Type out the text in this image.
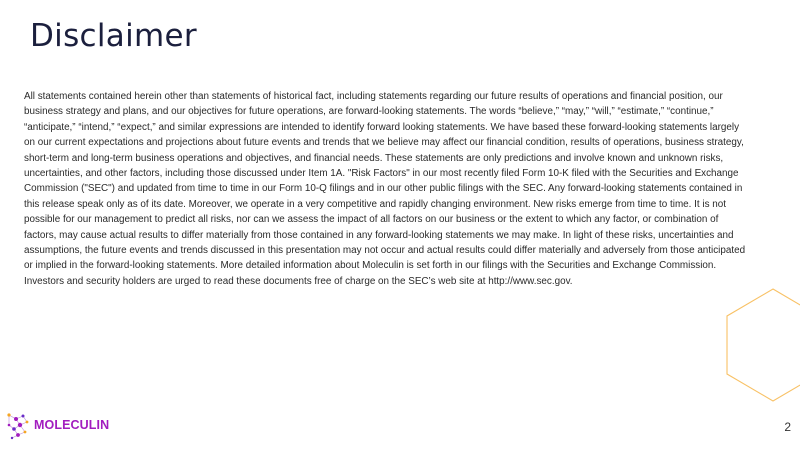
Disclaimer

All statements contained herein other than statements of historical fact, including statements regarding our future results of operations and financial position, our business strategy and plans, and our objectives for future operations, are forward-looking statements. The words “believe,” “may,” “will,” “estimate,” “continue,” “anticipate,” “intend,” “expect,” and similar expressions are intended to identify forward looking statements. We have based these forward-looking statements largely on our current expectations and projections about future events and trends that we believe may affect our financial condition, results of operations, business strategy, short-term and long-term business operations and objectives, and financial needs. These statements are only predictions and involve known and unknown risks, uncertainties, and other factors, including those discussed under Item 1A. "Risk Factors" in our most recently filed Form 10-K filed with the Securities and Exchange Commission ("SEC") and updated from time to time in our Form 10-Q filings and in our other public filings with the SEC. Any forward-looking statements contained in this release speak only as of its date. Moreover, we operate in a very competitive and rapidly changing environment. New risks emerge from time to time. It is not possible for our management to predict all risks, nor can we assess the impact of all factors on our business or the extent to which any factor, or combination of factors, may cause actual results to differ materially from those contained in any forward-looking statements we may make. In light of these risks, uncertainties and assumptions, the future events and trends discussed in this presentation may not occur and actual results could differ materially and adversely from those anticipated or implied in the forward-looking statements. More detailed information about Moleculin is set forth in our filings with the Securities and Exchange Commission. Investors and security holders are urged to read these documents free of charge on the SEC’s web site at http://www.sec.gov.

MOLECULIN	2
